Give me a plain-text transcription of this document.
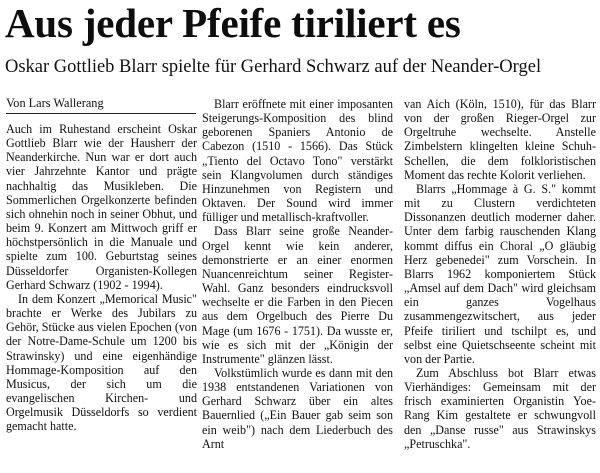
Aus jeder Pfeife tiriliert es
Oskar Gottlieb Blarr spielte für Gerhard Schwarz auf der Neander-Orgel
Von Lars Wallerang

Auch im Ruhestand erscheint Oskar Gottlieb Blarr wie der Hausherr der Neanderkirche. Nun war er dort auch vier Jahrzehnte Kantor und prägte nachhaltig das Musikleben. Die Sommerlichen Orgelkonzerte befinden sich ohnehin noch in seiner Obhut, und beim 9. Konzert am Mittwoch griff er höchstpersönlich in die Manuale und spielte zum 100. Geburtstag seines Düsseldorfer Organisten-Kollegen Gerhard Schwarz (1902 - 1994).

In dem Konzert „Memorical Music" brachte er Werke des Jubilars zu Gehör, Stücke aus vielen Epochen (von der Notre-Dame-Schule um 1200 bis Strawinsky) und eine eigenhändige Hommage-Komposition auf den Musicus, der sich um die evangelischen Kirchen- und Orgelmusik Düsseldorfs so verdient gemacht hatte.

Blarr eröffnete mit einer imposanten Steigerungs-Komposition des blind geborenen Spaniers Antonio de Cabezon (1510 - 1566). Das Stück „Tiento del Octavo Tono" verstärkt sein Klangvolumen durch ständiges Hinzunehmen von Registern und Oktaven. Der Sound wird immer fülliger und metallisch-kraftvoller.

Dass Blarr seine große Neander-Orgel kennt wie kein anderer, demonstrierte er an einer enormen Nuancenreichtum seiner Register-Wahl. Ganz besonders eindrucksvoll wechselte er die Farben in den Piecen aus dem Orgelbuch des Pierre Du Mage (um 1676 - 1751). Da wusste er, wie es sich mit der „Königin der Instrumente" glänzen lässt.

Volkstümlich wurde es dann mit den 1938 entstandenen Variationen von Gerhard Schwarz über ein altes Bauernlied („Ein Bauer gab seim son ein weib") nach dem Liederbuch des Arnt

van Aich (Köln, 1510), für das Blarr von der großen Rieger-Orgel zur Orgeltruhe wechselte. Anstelle Zimbelstern klingelten kleine Schuh-Schellen, die dem folkloristischen Moment das rechte Kolorit verliehen.

Blarrs „Hommage à G. S." kommt mit zu Clustern verdichteten Dissonanzen deutlich moderner daher. Unter dem farbig rauschenden Klang kommt diffus ein Choral „O gläubig Herz gebenedei" zum Vorschein. In Blarrs 1962 komponiertem Stück „Amsel auf dem Dach" wird gleichsam ein ganzes Vogelhaus zusammengezwitschert, aus jeder Pfeife tiriliert und tschilpt es, und selbst eine Quietschseente scheint mit von der Partie.

Zum Abschluss bot Blarr etwas Vierhändiges: Gemeinsam mit der frisch examinierten Organistin Yoe-Rang Kim gestaltete er schwungvoll den „Danse russe" aus Strawinskys „Petruschka".
